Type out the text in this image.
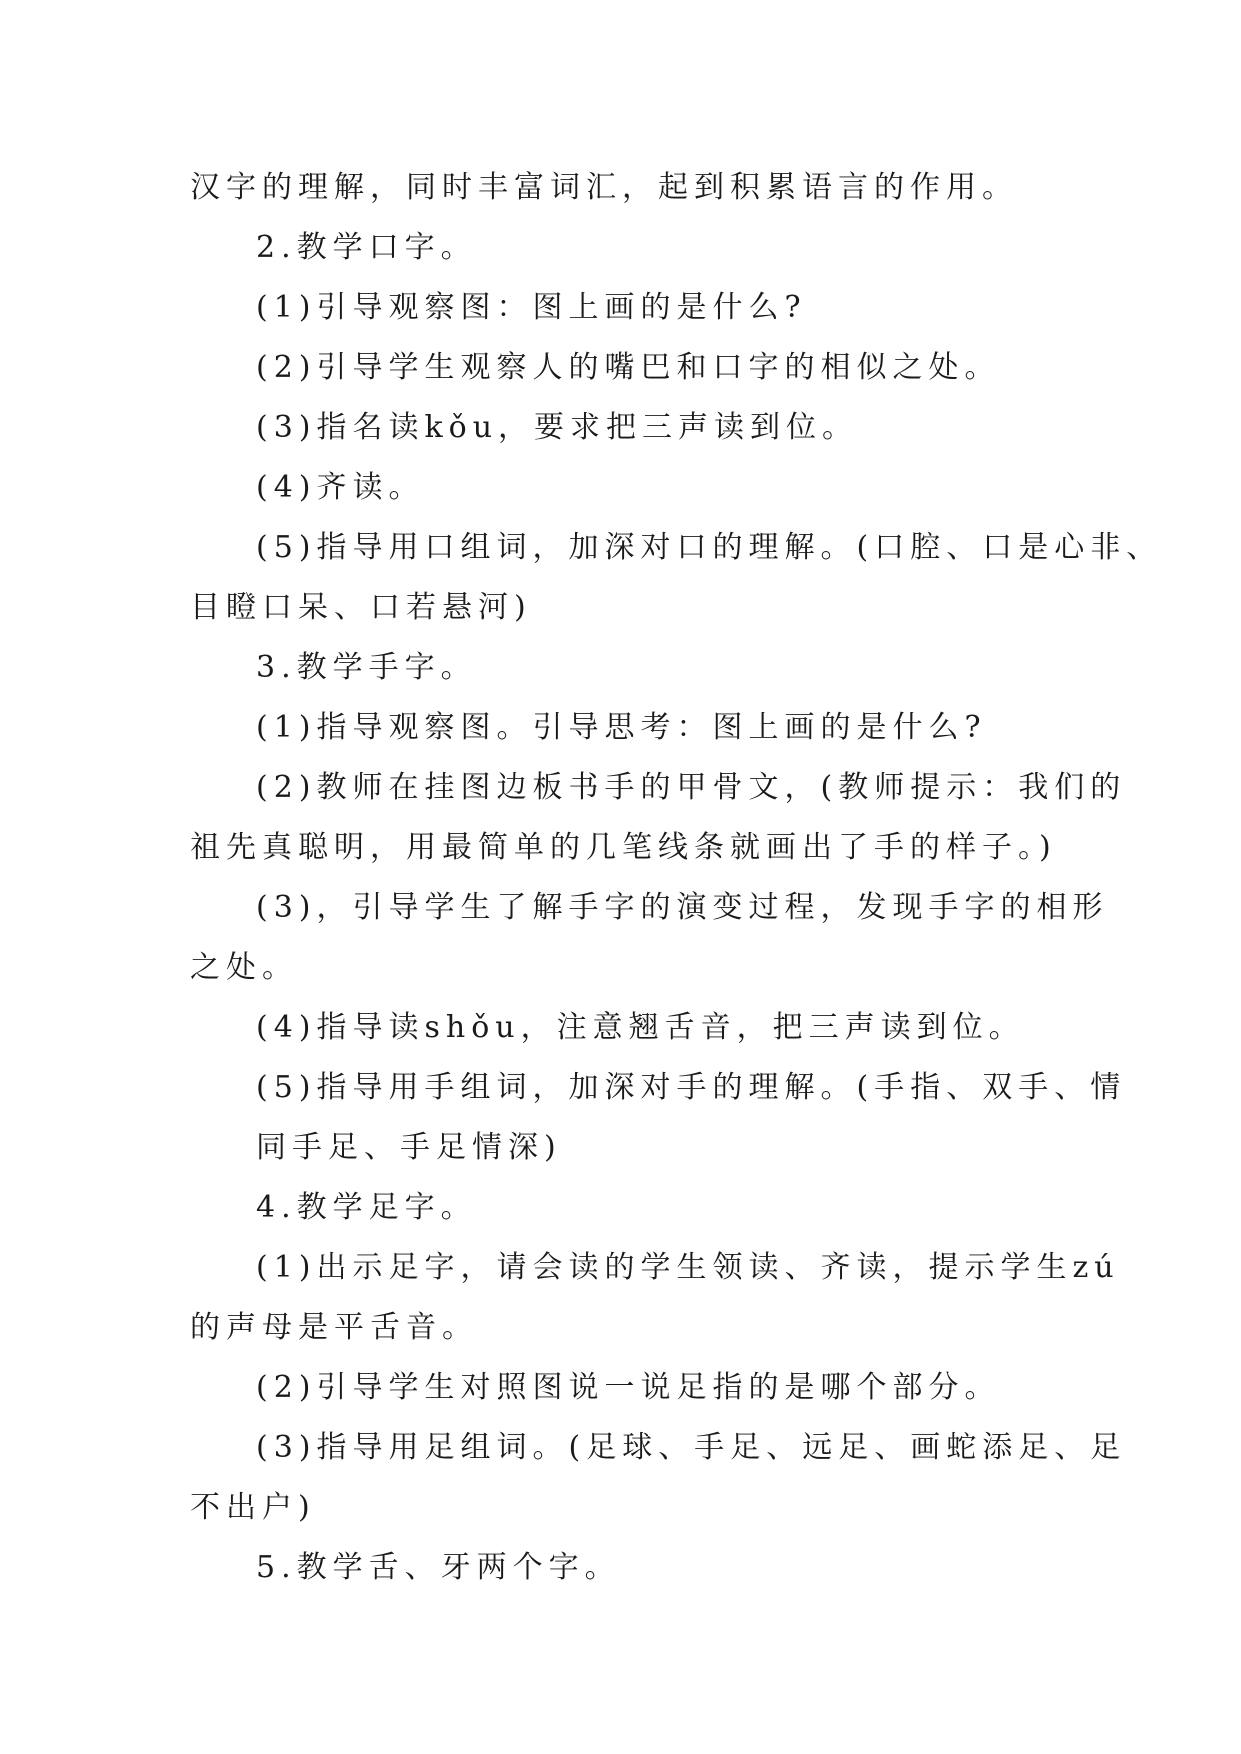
汉字的理解，同时丰富词汇，起到积累语言的作用。
2.教学口字。
(1)引导观察图：图上画的是什么?
(2)引导学生观察人的嘴巴和口字的相似之处。
(3)指名读kǒu，要求把三声读到位。
(4)齐读。
(5)指导用口组词，加深对口的理解。(口腔、口是心非、
目瞪口呆、口若悬河)
3.教学手字。
(1)指导观察图。引导思考：图上画的是什么?
(2)教师在挂图边板书手的甲骨文，(教师提示：我们的
祖先真聪明，用最简单的几笔线条就画出了手的样子。)
(3)，引导学生了解手字的演变过程，发现手字的相形
之处。
(4)指导读shǒu，注意翘舌音，把三声读到位。
(5)指导用手组词，加深对手的理解。(手指、双手、情
同手足、手足情深)
4.教学足字。
(1)出示足字，请会读的学生领读、齐读，提示学生zú
的声母是平舌音。
(2)引导学生对照图说一说足指的是哪个部分。
(3)指导用足组词。(足球、手足、远足、画蛇添足、足
不出户)
5.教学舌、牙两个字。
